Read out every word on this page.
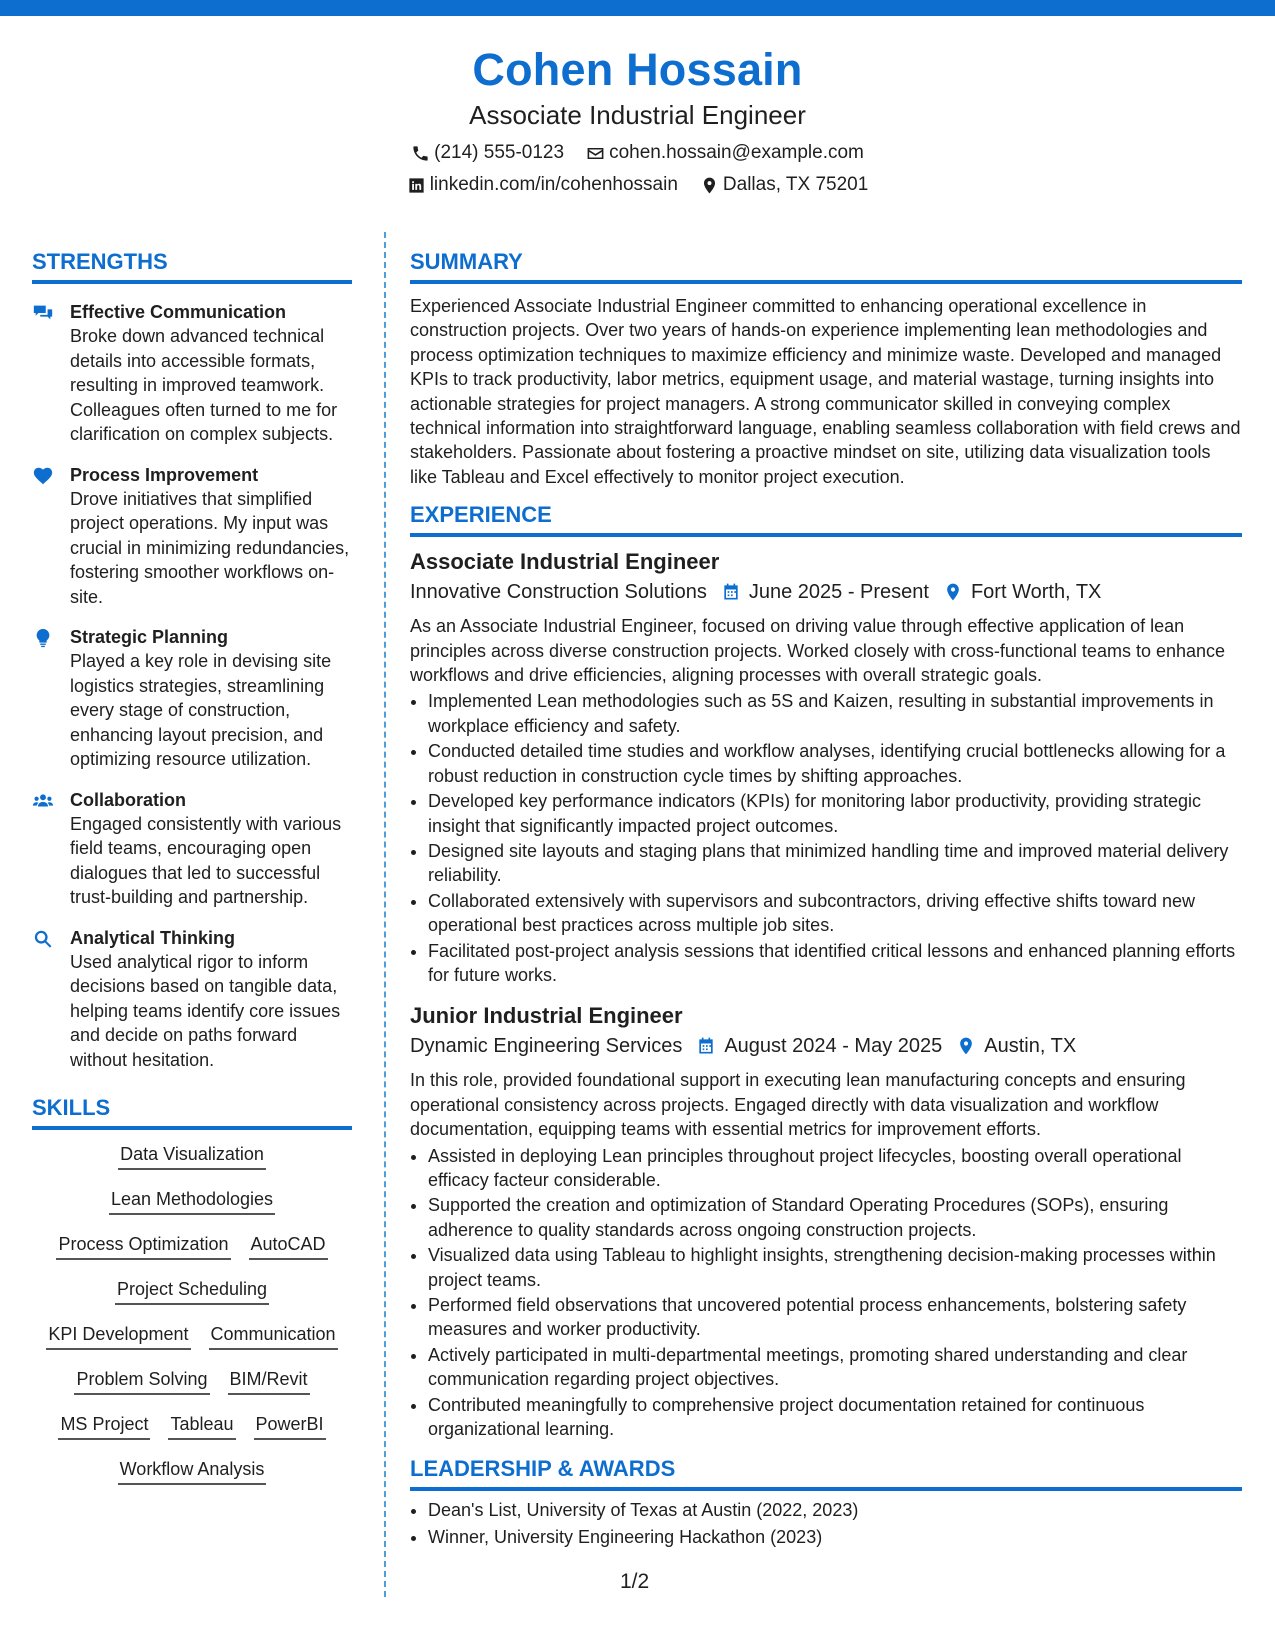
Cohen Hossain
Associate Industrial Engineer
(214) 555-0123 cohen.hossain@example.com
linkedin.com/in/cohenhossain Dallas, TX 75201
STRENGTHS
Effective Communication
Broke down advanced technical details into accessible formats, resulting in improved teamwork. Colleagues often turned to me for clarification on complex subjects.
Process Improvement
Drove initiatives that simplified project operations. My input was crucial in minimizing redundancies, fostering smoother workflows on-site.
Strategic Planning
Played a key role in devising site logistics strategies, streamlining every stage of construction, enhancing layout precision, and optimizing resource utilization.
Collaboration
Engaged consistently with various field teams, encouraging open dialogues that led to successful trust-building and partnership.
Analytical Thinking
Used analytical rigor to inform decisions based on tangible data, helping teams identify core issues and decide on paths forward without hesitation.
SKILLS
Data Visualization
Lean Methodologies
Process Optimization AutoCAD
Project Scheduling
KPI Development Communication
Problem Solving BIM/Revit
MS Project Tableau PowerBI
Workflow Analysis
SUMMARY
Experienced Associate Industrial Engineer committed to enhancing operational excellence in construction projects. Over two years of hands-on experience implementing lean methodologies and process optimization techniques to maximize efficiency and minimize waste. Developed and managed KPIs to track productivity, labor metrics, equipment usage, and material wastage, turning insights into actionable strategies for project managers. A strong communicator skilled in conveying complex technical information into straightforward language, enabling seamless collaboration with field crews and stakeholders. Passionate about fostering a proactive mindset on site, utilizing data visualization tools like Tableau and Excel effectively to monitor project execution.
EXPERIENCE
Associate Industrial Engineer
Innovative Construction Solutions June 2025 - Present Fort Worth, TX
As an Associate Industrial Engineer, focused on driving value through effective application of lean principles across diverse construction projects. Worked closely with cross-functional teams to enhance workflows and drive efficiencies, aligning processes with overall strategic goals.
• Implemented Lean methodologies such as 5S and Kaizen, resulting in substantial improvements in workplace efficiency and safety.
• Conducted detailed time studies and workflow analyses, identifying crucial bottlenecks allowing for a robust reduction in construction cycle times by shifting approaches.
• Developed key performance indicators (KPIs) for monitoring labor productivity, providing strategic insight that significantly impacted project outcomes.
• Designed site layouts and staging plans that minimized handling time and improved material delivery reliability.
• Collaborated extensively with supervisors and subcontractors, driving effective shifts toward new operational best practices across multiple job sites.
• Facilitated post-project analysis sessions that identified critical lessons and enhanced planning efforts for future works.
Junior Industrial Engineer
Dynamic Engineering Services August 2024 - May 2025 Austin, TX
In this role, provided foundational support in executing lean manufacturing concepts and ensuring operational consistency across projects. Engaged directly with data visualization and workflow documentation, equipping teams with essential metrics for improvement efforts.
• Assisted in deploying Lean principles throughout project lifecycles, boosting overall operational efficacy facteur considerable.
• Supported the creation and optimization of Standard Operating Procedures (SOPs), ensuring adherence to quality standards across ongoing construction projects.
• Visualized data using Tableau to highlight insights, strengthening decision-making processes within project teams.
• Performed field observations that uncovered potential process enhancements, bolstering safety measures and worker productivity.
• Actively participated in multi-departmental meetings, promoting shared understanding and clear communication regarding project objectives.
• Contributed meaningfully to comprehensive project documentation retained for continuous organizational learning.
LEADERSHIP & AWARDS
• Dean's List, University of Texas at Austin (2022, 2023)
• Winner, University Engineering Hackathon (2023)
1/2
